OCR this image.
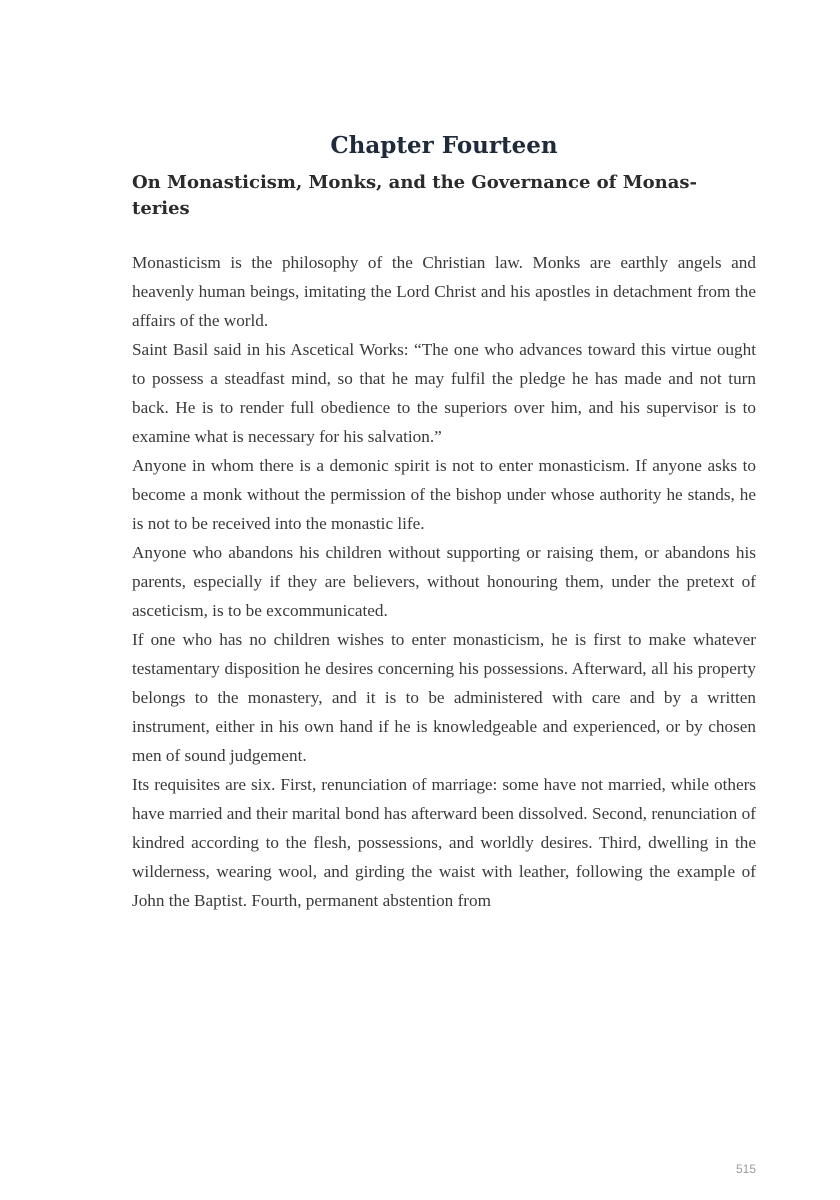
Chapter Fourteen
On Monasticism, Monks, and the Governance of Monas- teries

Monasticism is the philosophy of the Christian law. Monks are earthly angels and heavenly human beings, imitating the Lord Christ and his apostles in detachment from the affairs of the world.

Saint Basil said in his Ascetical Works: “The one who advances toward this virtue ought to possess a steadfast mind, so that he may fulfil the pledge he has made and not turn back. He is to render full obedience to the superiors over him, and his supervisor is to examine what is necessary for his salvation.”

Anyone in whom there is a demonic spirit is not to enter monasticism. If anyone asks to become a monk without the permission of the bishop under whose authority he stands, he is not to be received into the monastic life.

Anyone who abandons his children without supporting or raising them, or abandons his parents, especially if they are believers, without honouring them, under the pretext of asceticism, is to be excommunicated.

If one who has no children wishes to enter monasticism, he is first to make whatever testamentary disposition he desires concerning his possessions. Afterward, all his property belongs to the monastery, and it is to be administered with care and by a written instrument, either in his own hand if he is knowledgeable and experienced, or by chosen men of sound judgement.

Its requisites are six. First, renunciation of marriage: some have not married, while others have married and their marital bond has afterward been dissolved. Second, renunciation of kindred according to the flesh, possessions, and worldly desires. Third, dwelling in the wilderness, wearing wool, and girding the waist with leather, following the example of John the Baptist. Fourth, permanent abstention from

515
